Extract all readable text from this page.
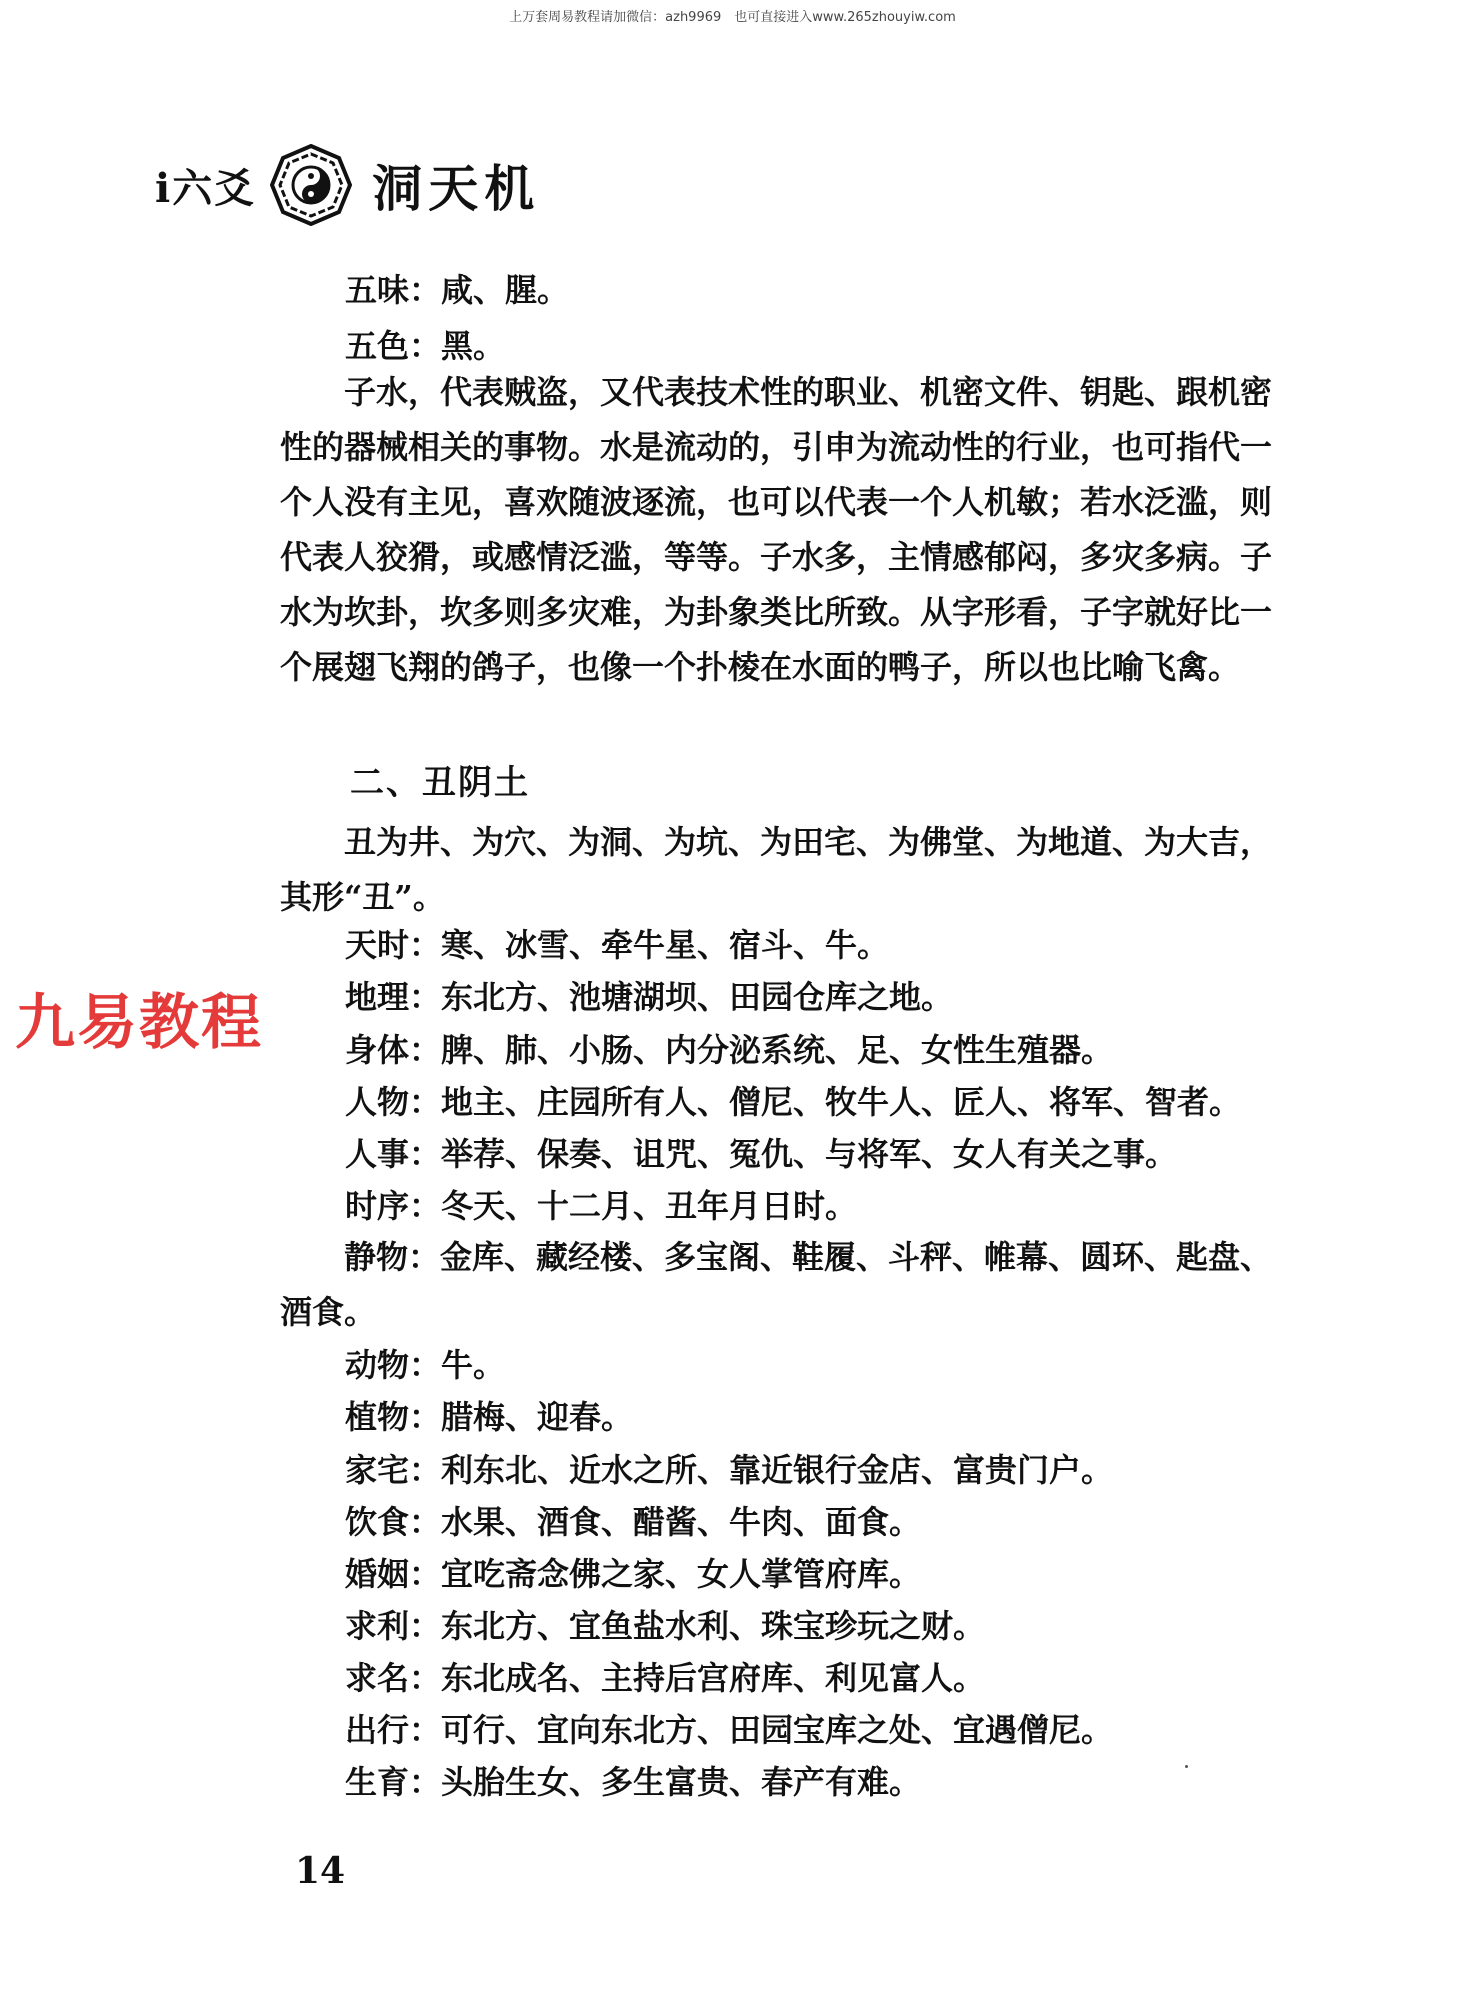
上万套周易教程请加微信：azh9969　也可直接进入www.265zhouyiw.com
i六爻 洞天机

五味：咸、腥。

五色：黑。

子水，代表贼盗，又代表技术性的职业、机密文件、钥匙、跟机密性的器械相关的事物。水是流动的，引申为流动性的行业，也可指代一个人没有主见，喜欢随波逐流，也可以代表一个人机敏；若水泛滥，则代表人狡猾，或感情泛滥，等等。子水多，主情感郁闷，多灾多病。子水为坎卦，坎多则多灾难，为卦象类比所致。从字形看，子字就好比一个展翅飞翔的鸽子，也像一个扑棱在水面的鸭子，所以也比喻飞禽。

二、丑阴土

丑为井、为穴、为洞、为坑、为田宅、为佛堂、为地道、为大吉，其形“丑”。

天时：寒、冰雪、牵牛星、宿斗、牛。

地理：东北方、池塘湖坝、田园仓库之地。

身体：脾、肺、小肠、内分泌系统、足、女性生殖器。

人物：地主、庄园所有人、僧尼、牧牛人、匠人、将军、智者。

人事：举荐、保奏、诅咒、冤仇、与将军、女人有关之事。

时序：冬天、十二月、丑年月日时。

静物：金库、藏经楼、多宝阁、鞋履、斗秤、帷幕、圆环、匙盘、酒食。

动物：牛。

植物：腊梅、迎春。

家宅：利东北、近水之所、靠近银行金店、富贵门户。

饮食：水果、酒食、醋酱、牛肉、面食。

婚姻：宜吃斋念佛之家、女人掌管府库。

求利：东北方、宜鱼盐水利、珠宝珍玩之财。

求名：东北成名、主持后宫府库、利见富人。

出行：可行、宜向东北方、田园宝库之处、宜遇僧尼。

生育：头胎生女、多生富贵、春产有难。

九易教程

14
